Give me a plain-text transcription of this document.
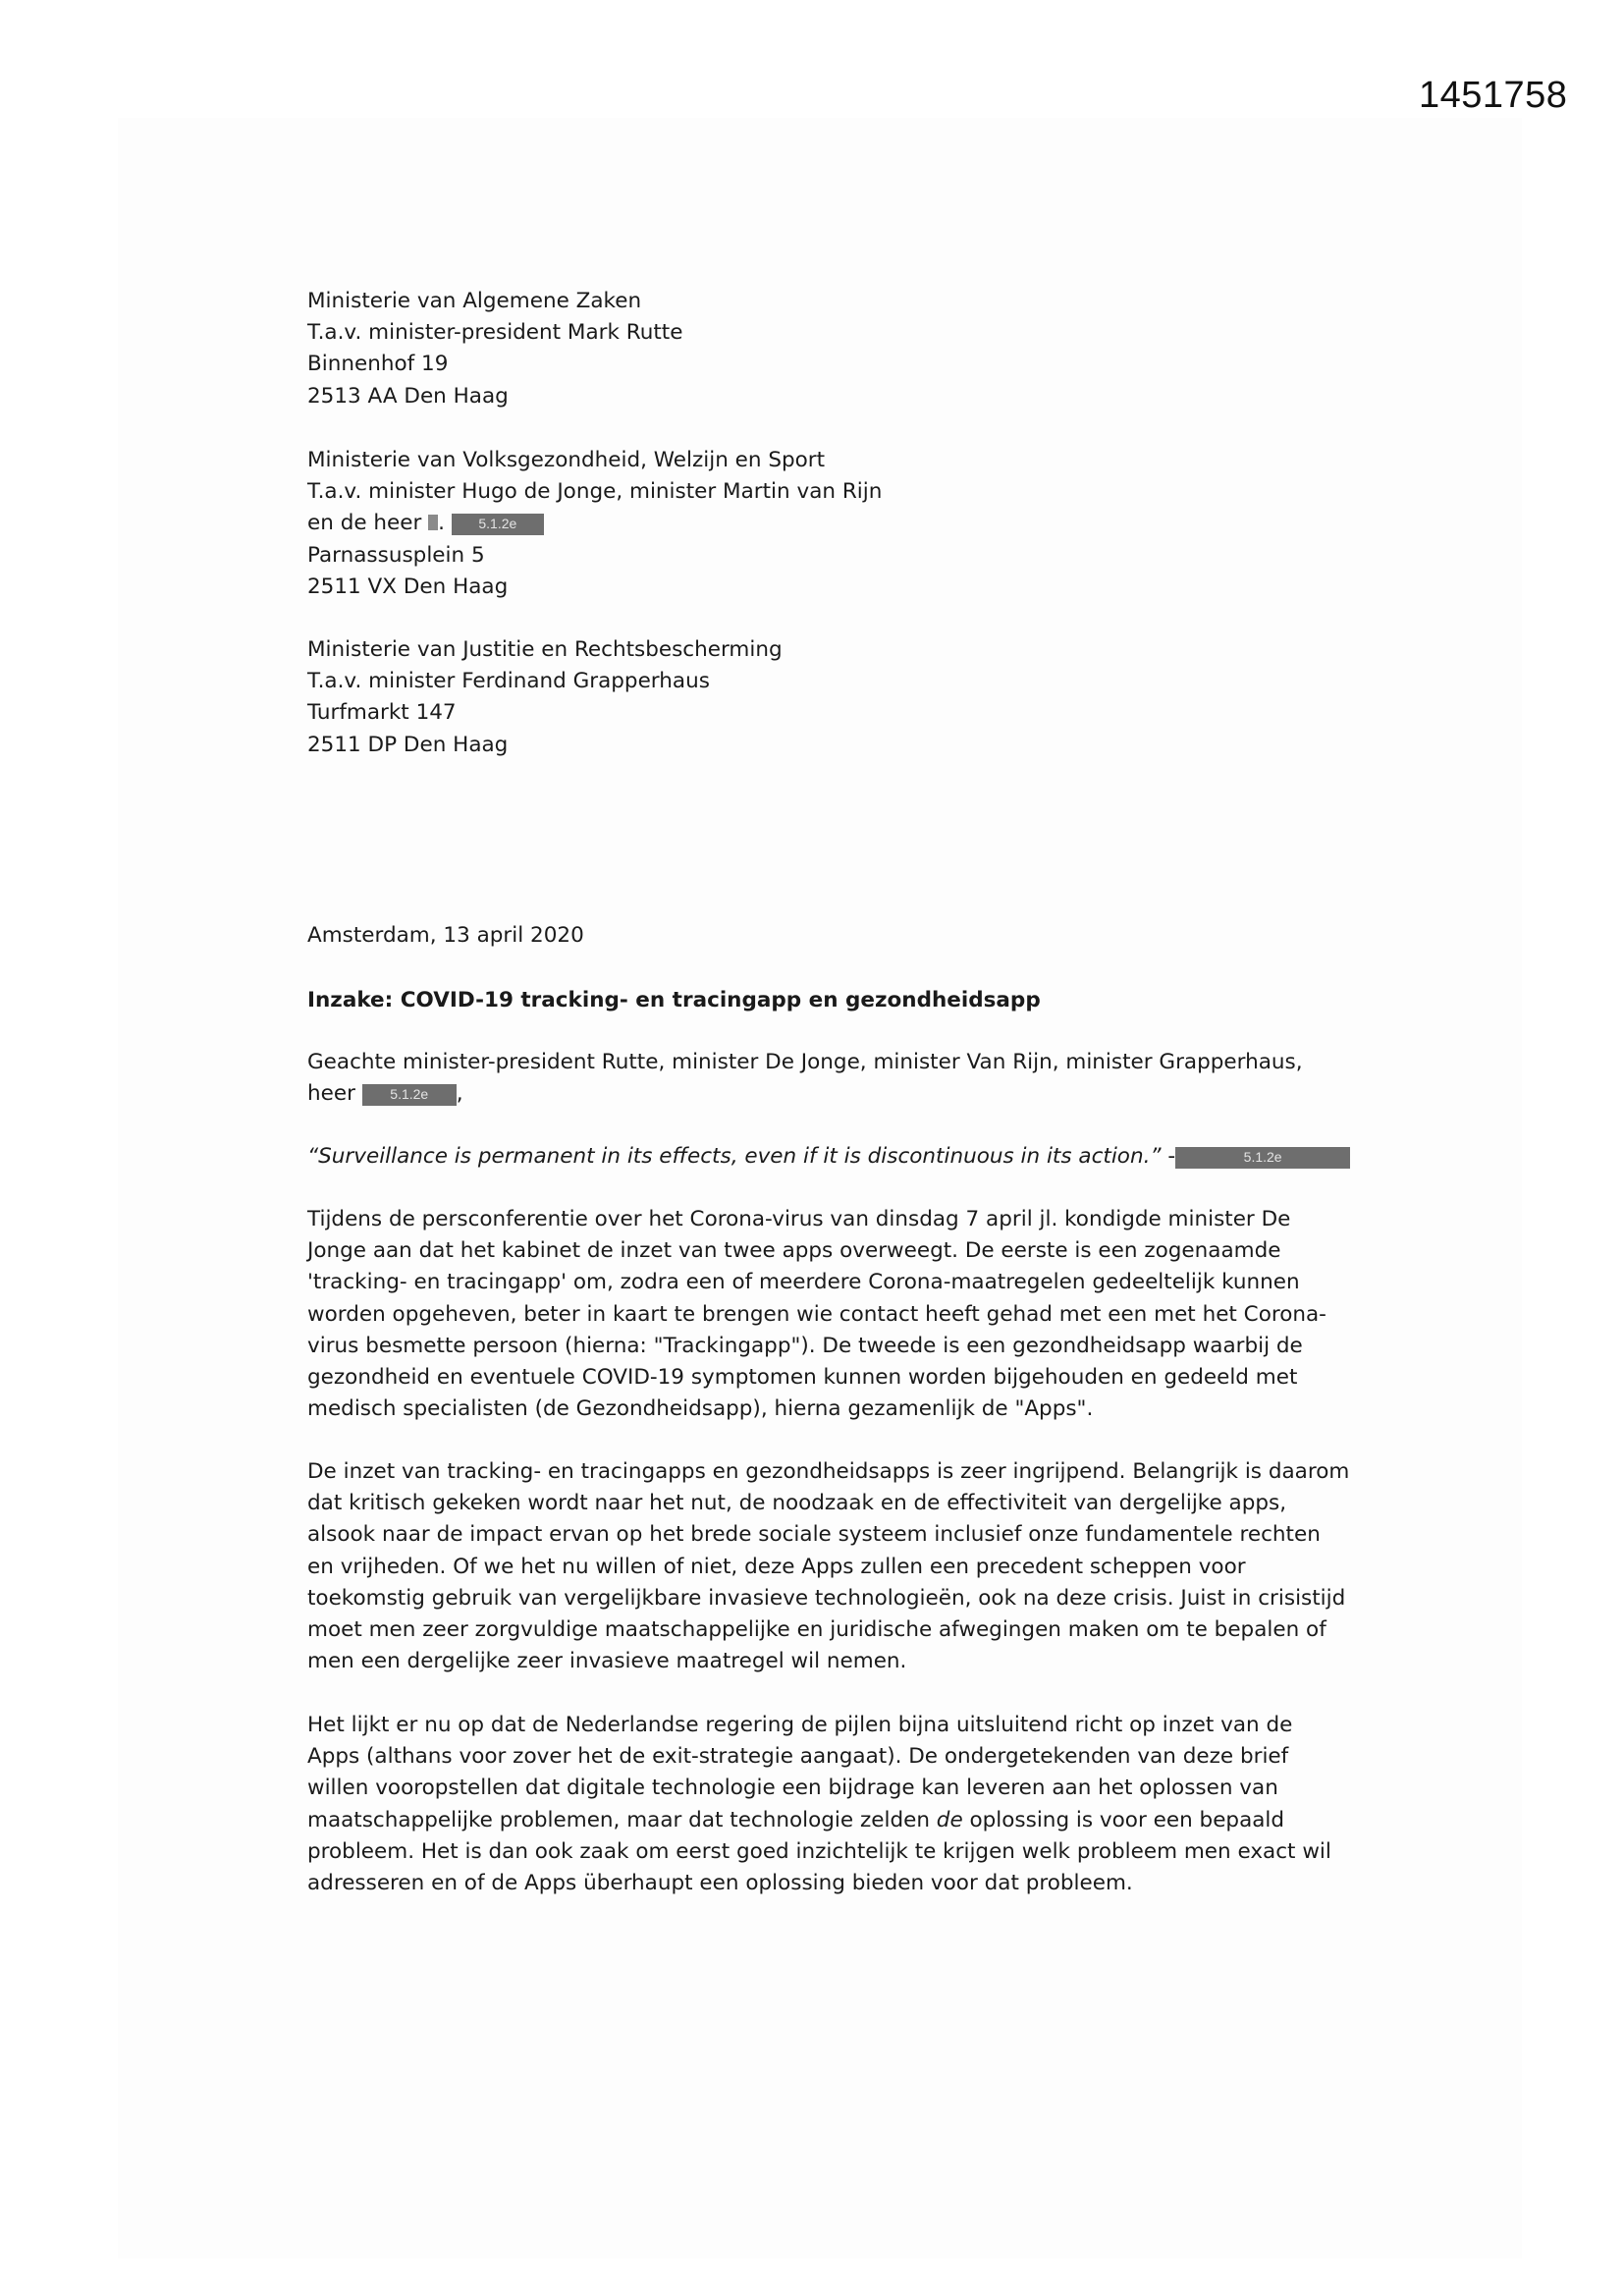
1451758
Ministerie van Algemene Zaken
T.a.v. minister-president Mark Rutte
Binnenhof 19
2513 AA Den Haag
Ministerie van Volksgezondheid, Welzijn en Sport
T.a.v. minister Hugo de Jonge, minister Martin van Rijn
en de heer . 5.1.2e
Parnassusplein 5
2511 VX Den Haag
Ministerie van Justitie en Rechtsbescherming
T.a.v. minister Ferdinand Grapperhaus
Turfmarkt 147
2511 DP Den Haag
Amsterdam, 13 april 2020
Inzake: COVID-19 tracking- en tracingapp en gezondheidsapp
Geachte minister-president Rutte, minister De Jonge, minister Van Rijn, minister Grapperhaus,
heer 5.1.2e ,
“Surveillance is permanent in its effects, even if it is discontinuous in its action.” -	5.1.2e
Tijdens de persconferentie over het Corona-virus van dinsdag 7 april jl. kondigde minister De
Jonge aan dat het kabinet de inzet van twee apps overweegt. De eerste is een zogenaamde
'tracking- en tracingapp' om, zodra een of meerdere Corona-maatregelen gedeeltelijk kunnen
worden opgeheven, beter in kaart te brengen wie contact heeft gehad met een met het Corona-
virus besmette persoon (hierna: "Trackingapp"). De tweede is een gezondheidsapp waarbij de
gezondheid en eventuele COVID-19 symptomen kunnen worden bijgehouden en gedeeld met
medisch specialisten (de Gezondheidsapp), hierna gezamenlijk de "Apps".
De inzet van tracking- en tracingapps en gezondheidsapps is zeer ingrijpend. Belangrijk is daarom
dat kritisch gekeken wordt naar het nut, de noodzaak en de effectiviteit van dergelijke apps,
alsook naar de impact ervan op het brede sociale systeem inclusief onze fundamentele rechten
en vrijheden. Of we het nu willen of niet, deze Apps zullen een precedent scheppen voor
toekomstig gebruik van vergelijkbare invasieve technologieën, ook na deze crisis. Juist in crisistijd
moet men zeer zorgvuldige maatschappelijke en juridische afwegingen maken om te bepalen of
men een dergelijke zeer invasieve maatregel wil nemen.
Het lijkt er nu op dat de Nederlandse regering de pijlen bijna uitsluitend richt op inzet van de
Apps (althans voor zover het de exit-strategie aangaat). De ondergetekenden van deze brief
willen vooropstellen dat digitale technologie een bijdrage kan leveren aan het oplossen van
maatschappelijke problemen, maar dat technologie zelden de oplossing is voor een bepaald
probleem. Het is dan ook zaak om eerst goed inzichtelijk te krijgen welk probleem men exact wil
adresseren en of de Apps überhaupt een oplossing bieden voor dat probleem.
